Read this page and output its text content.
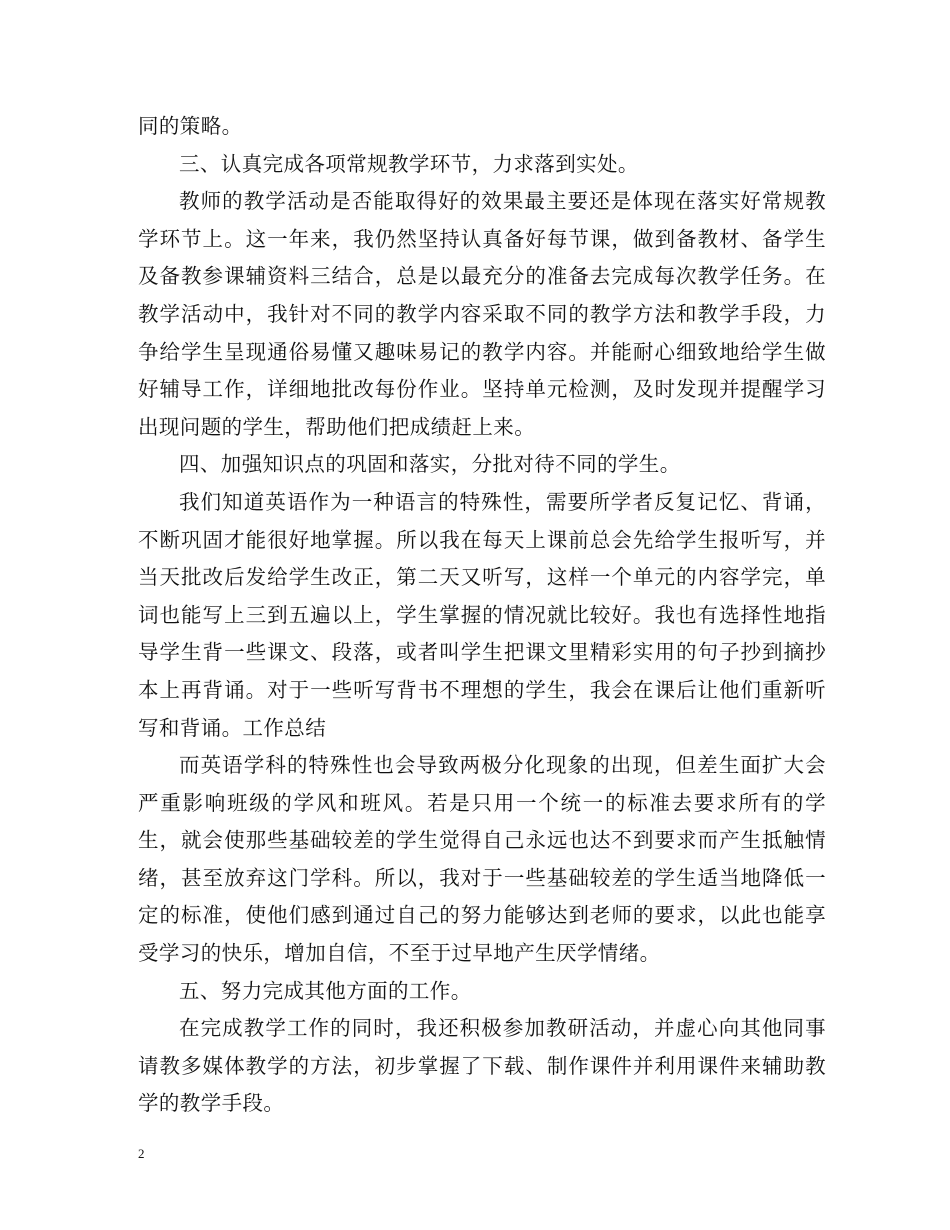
同的策略。

三、认真完成各项常规教学环节，力求落到实处。

教师的教学活动是否能取得好的效果最主要还是体现在落实好常规教学环节上。这一年来，我仍然坚持认真备好每节课，做到备教材、备学生及备教参课辅资料三结合，总是以最充分的准备去完成每次教学任务。在教学活动中，我针对不同的教学内容采取不同的教学方法和教学手段，力争给学生呈现通俗易懂又趣味易记的教学内容。并能耐心细致地给学生做好辅导工作，详细地批改每份作业。坚持单元检测，及时发现并提醒学习出现问题的学生，帮助他们把成绩赶上来。

四、加强知识点的巩固和落实，分批对待不同的学生。

我们知道英语作为一种语言的特殊性，需要所学者反复记忆、背诵，不断巩固才能很好地掌握。所以我在每天上课前总会先给学生报听写，并当天批改后发给学生改正，第二天又听写，这样一个单元的内容学完，单词也能写上三到五遍以上，学生掌握的情况就比较好。我也有选择性地指导学生背一些课文、段落，或者叫学生把课文里精彩实用的句子抄到摘抄本上再背诵。对于一些听写背书不理想的学生，我会在课后让他们重新听写和背诵。工作总结

而英语学科的特殊性也会导致两极分化现象的出现，但差生面扩大会严重影响班级的学风和班风。若是只用一个统一的标准去要求所有的学生，就会使那些基础较差的学生觉得自己永远也达不到要求而产生抵触情绪，甚至放弃这门学科。所以，我对于一些基础较差的学生适当地降低一定的标准，使他们感到通过自己的努力能够达到老师的要求，以此也能享受学习的快乐，增加自信，不至于过早地产生厌学情绪。

五、努力完成其他方面的工作。

在完成教学工作的同时，我还积极参加教研活动，并虚心向其他同事请教多媒体教学的方法，初步掌握了下载、制作课件并利用课件来辅助教学的教学手段。

2
